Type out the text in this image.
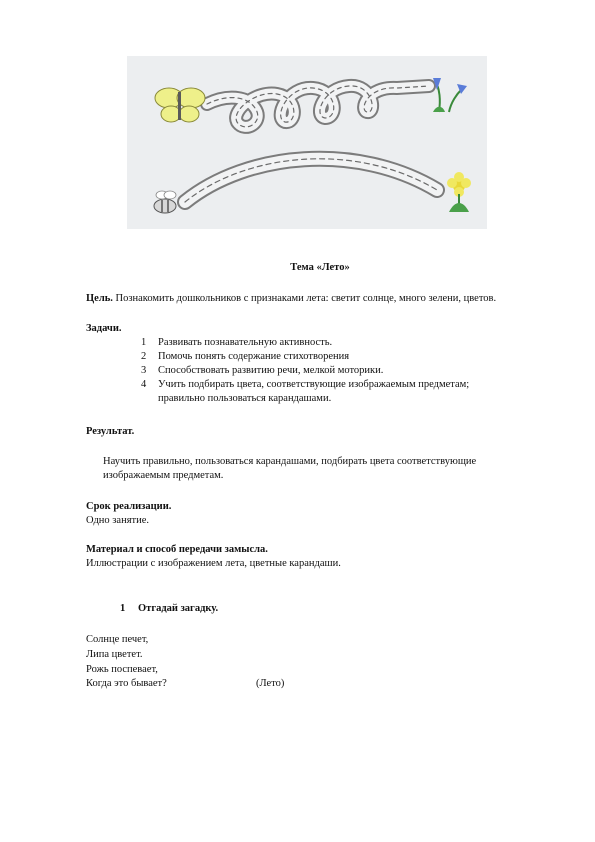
Тема «Лето»
Цель. Познакомить дошкольников с признаками лета: светит солнце, много зелени, цветов.
Задачи.
1 Развивать познавательную активность.
2 Помочь понять содержание стихотворения
3 Способствовать развитию речи, мелкой моторики.
4 Учить подбирать цвета, соответствующие изображаемым предметам;
правильно пользоваться карандашами.
Результат.
Научить правильно, пользоваться карандашами, подбирать цвета соответствующие
изображаемым предметам.
Срок реализации.
Одно занятие.
Материал и способ передачи замысла.
Иллюстрации с изображением лета, цветные карандаши.
1 Отгадай загадку.
Солнце печет,
Липа цветет.
Рожь поспевает,
Когда это бывает?	(Лето)
